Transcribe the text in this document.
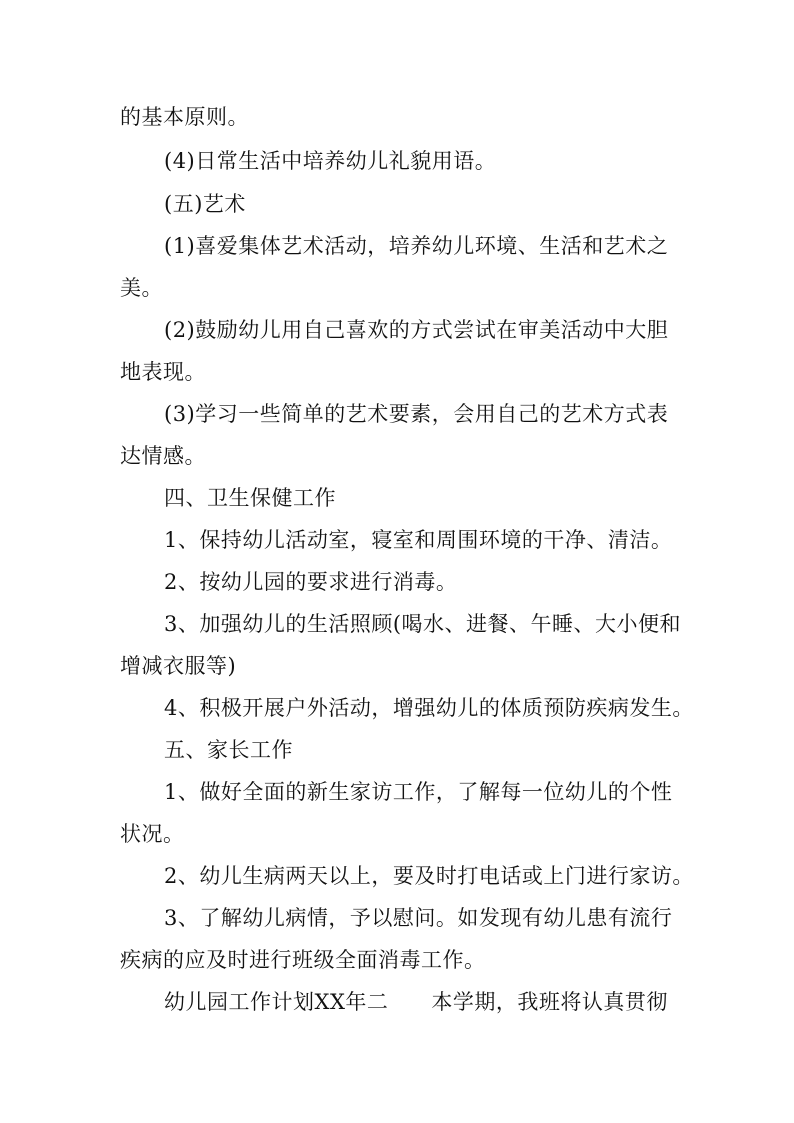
的基本原则。
(4)日常生活中培养幼儿礼貌用语。
(五)艺术
(1)喜爱集体艺术活动，培养幼儿环境、生活和艺术之
美。
(2)鼓励幼儿用自己喜欢的方式尝试在审美活动中大胆
地表现。
(3)学习一些简单的艺术要素，会用自己的艺术方式表
达情感。
四、卫生保健工作
1、保持幼儿活动室，寝室和周围环境的干净、清洁。
2、按幼儿园的要求进行消毒。
3、加强幼儿的生活照顾(喝水、进餐、午睡、大小便和
增减衣服等)
4、积极开展户外活动，增强幼儿的体质预防疾病发生。
五、家长工作
1、做好全面的新生家访工作，了解每一位幼儿的个性
状况。
2、幼儿生病两天以上，要及时打电话或上门进行家访。
3、了解幼儿病情，予以慰问。如发现有幼儿患有流行
疾病的应及时进行班级全面消毒工作。
幼儿园工作计划XX年二　　本学期，我班将认真贯彻
